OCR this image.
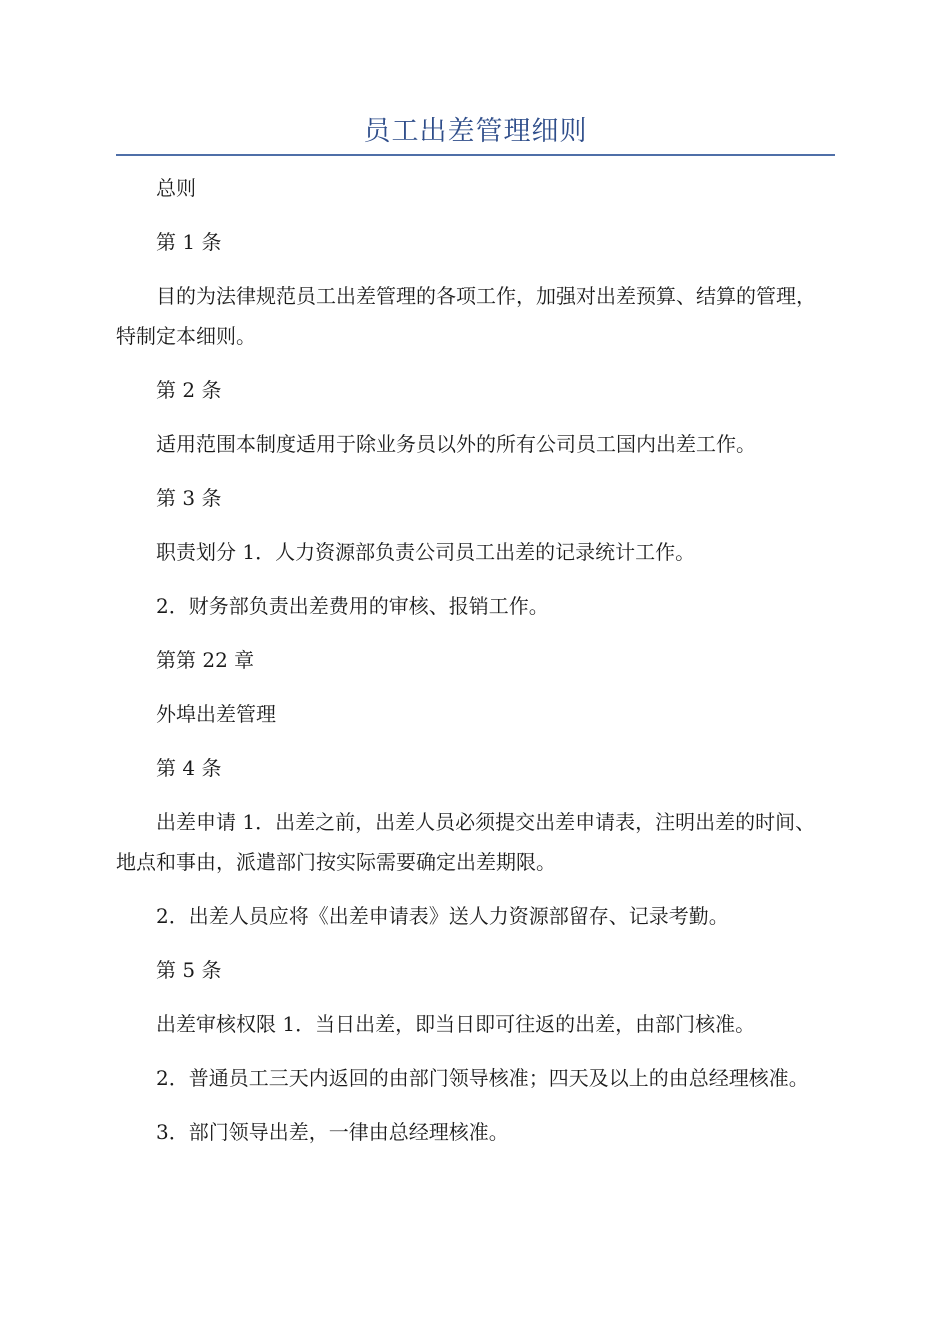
员工出差管理细则

总则

第 1 条

目的为法律规范员工出差管理的各项工作，加强对出差预算、结算的管理，特制定本细则。

第 2 条

适用范围本制度适用于除业务员以外的所有公司员工国内出差工作。

第 3 条

职责划分 1．人力资源部负责公司员工出差的记录统计工作。

2．财务部负责出差费用的审核、报销工作。

第第 22 章

外埠出差管理

第 4 条

出差申请 1．出差之前，出差人员必须提交出差申请表，注明出差的时间、地点和事由，派遣部门按实际需要确定出差期限。

2．出差人员应将《出差申请表》送人力资源部留存、记录考勤。

第 5 条

出差审核权限 1．当日出差，即当日即可往返的出差，由部门核准。

2．普通员工三天内返回的由部门领导核准；四天及以上的由总经理核准。

3．部门领导出差，一律由总经理核准。
